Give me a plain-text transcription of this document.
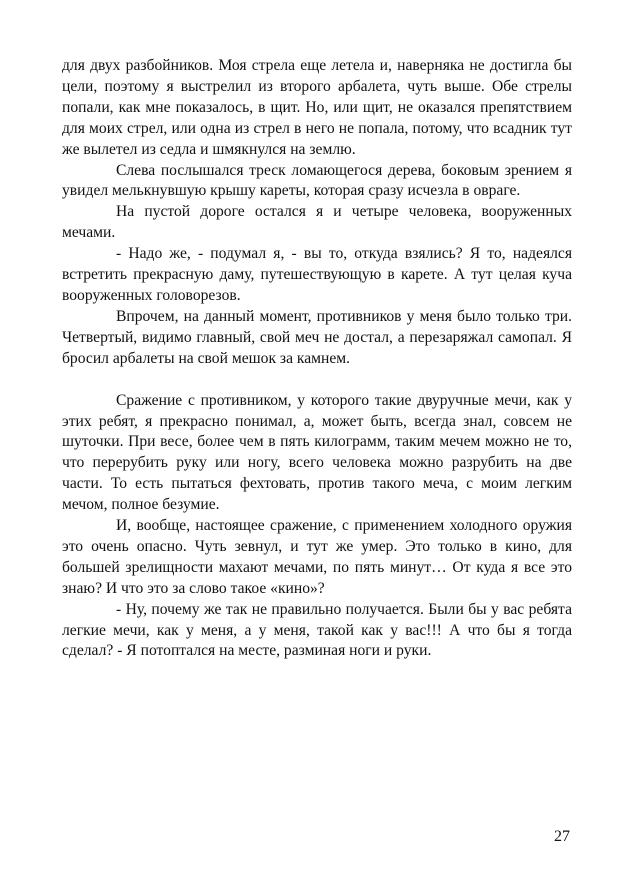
для двух разбойников. Моя стрела еще летела и, наверняка не достигла бы цели, поэтому я выстрелил из второго арбалета, чуть выше. Обе стрелы попали, как мне показалось, в щит. Но, или щит, не оказался препятствием для моих стрел, или одна из стрел в него не попала, потому, что всадник тут же вылетел из седла и шмякнулся на землю.

Слева послышался треск ломающегося дерева, боковым зрением я увидел мелькнувшую крышу кареты, которая сразу исчезла в овраге.

На пустой дороге остался я и четыре человека, вооруженных мечами.

- Надо же, - подумал я, - вы то, откуда взялись? Я то, надеялся встретить прекрасную даму, путешествующую в карете. А тут целая куча вооруженных головорезов.

Впрочем, на данный момент, противников у меня было только три. Четвертый, видимо главный, свой меч не достал, а перезаряжал самопал. Я бросил арбалеты на свой мешок за камнем.

Сражение с противником, у которого такие двуручные мечи, как у этих ребят, я прекрасно понимал, а, может быть, всегда знал, совсем не шуточки. При весе, более чем в пять килограмм, таким мечем можно не то, что перерубить руку или ногу, всего человека можно разрубить на две части. То есть пытаться фехтовать, против такого меча, с моим легким мечом, полное безумие.

И, вообще, настоящее сражение, с применением холодного оружия это очень опасно. Чуть зевнул, и тут же умер. Это только в кино, для большей зрелищности махают мечами, по пять минут… От куда я все это знаю? И что это за слово такое «кино»?

- Ну, почему же так не правильно получается. Были бы у вас ребята легкие мечи, как у меня, а у меня, такой как у вас!!! А что бы я тогда сделал? - Я потоптался на месте, разминая ноги и руки.

27
